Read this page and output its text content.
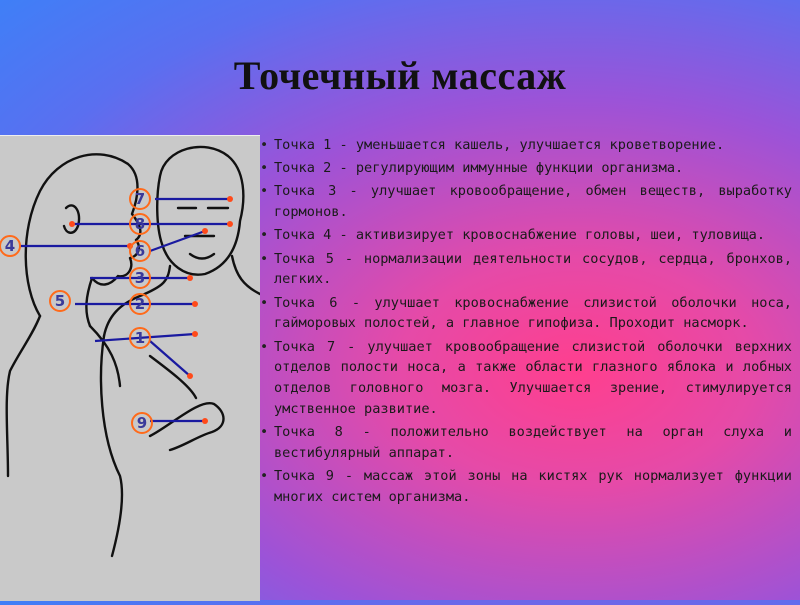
Точечный массаж
7
8
4	6
3
5	2
1
9
• Точка 1 - уменьшается кашель, улучшается кроветворение.
• Точка 2 - регулирующим иммунные функции организма.
• Точка 3 - улучшает кровообращение, обмен веществ, выработку гормонов.
• Точка 4 - активизирует кровоснабжение головы, шеи, туловища.
• Точка 5 - нормализации деятельности сосудов, сердца, бронхов, легких.
• Точка 6 - улучшает кровоснабжение слизистой оболочки носа, гайморовых полостей, а главное гипофиза. Проходит насморк.
• Точка 7 - улучшает кровообращение слизистой оболочки верхних отделов полости носа, а также области глазного яблока и лобных отделов головного мозга. Улучшается зрение, стимулируется умственное развитие.
• Точка 8 - положительно воздействует на орган слуха и вестибулярный аппарат.
• Точка 9 - массаж этой зоны на кистях рук нормализует функции многих систем организма.
